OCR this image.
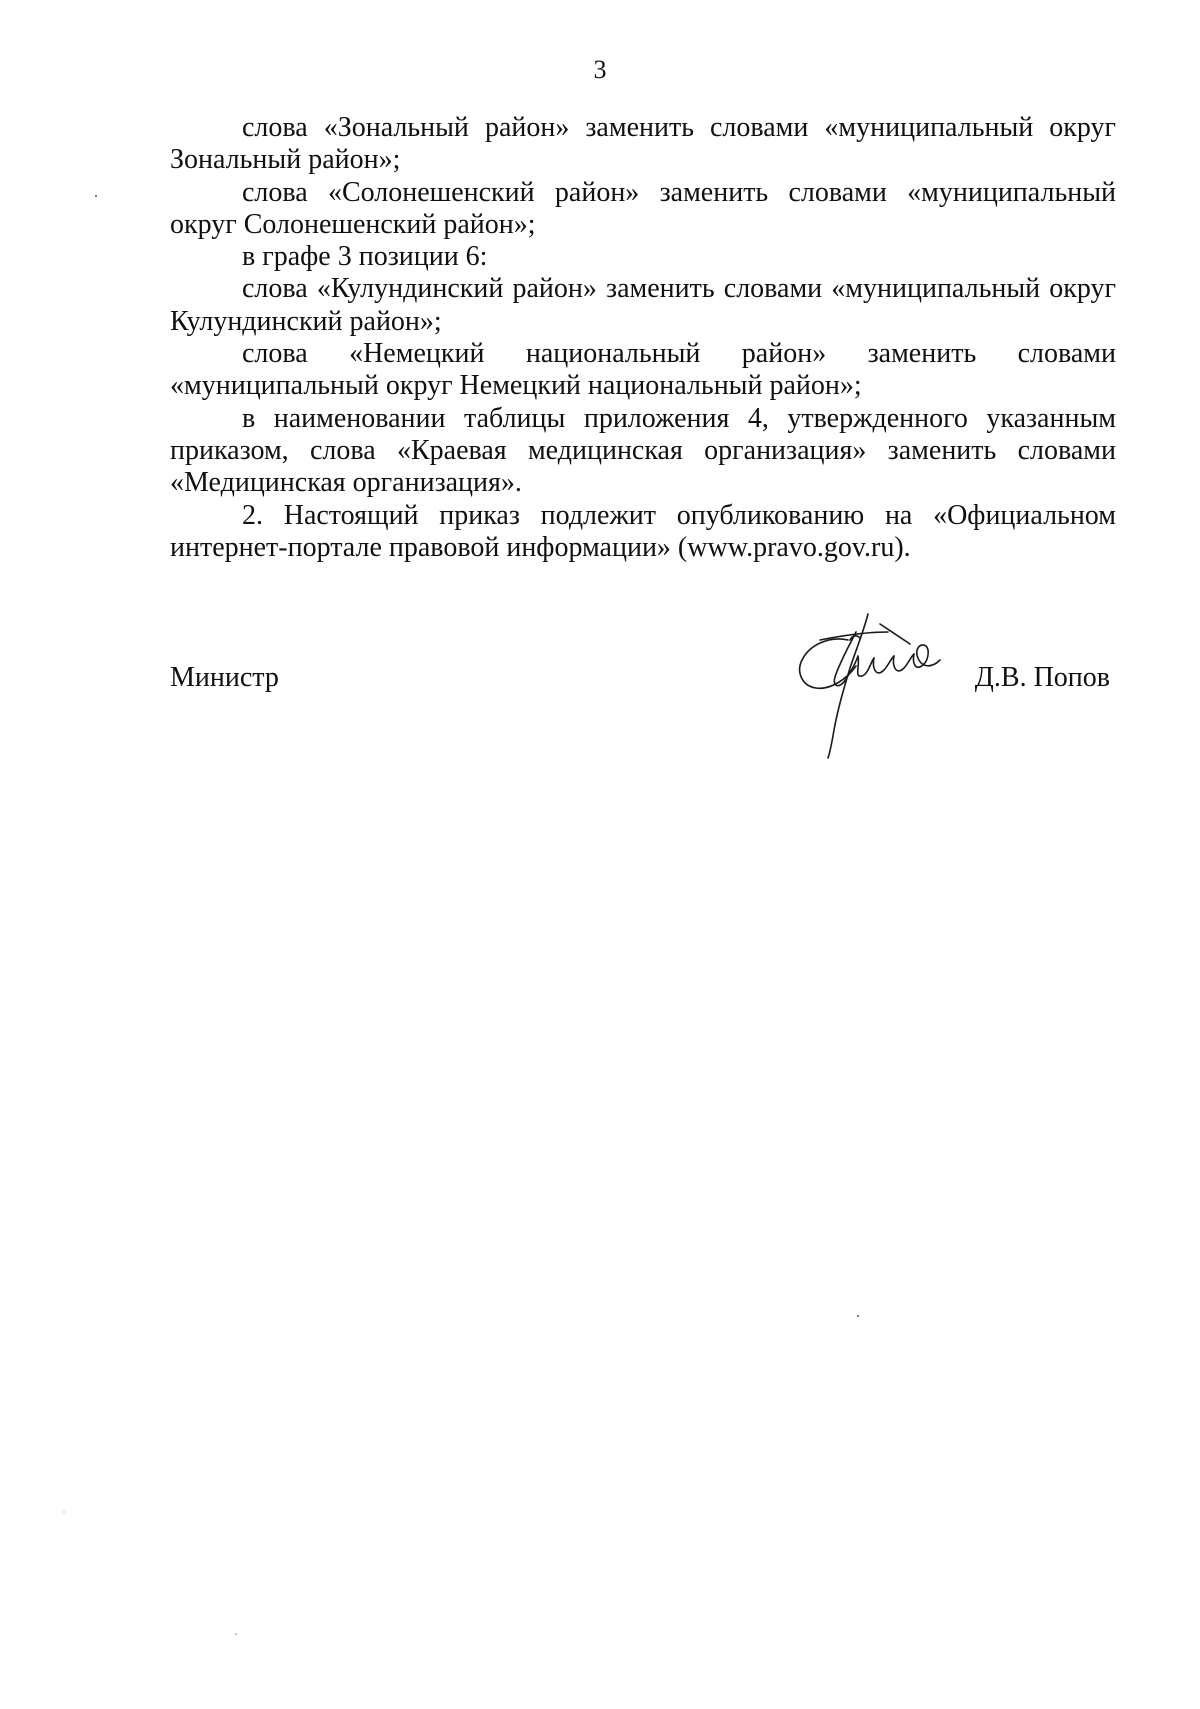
3

слова «Зональный район» заменить словами «муниципальный округ Зональный район»;

слова «Солонешенский район» заменить словами «муниципальный округ Солонешенский район»;

в графе 3 позиции 6:

слова «Кулундинский район» заменить словами «муниципальный округ Кулундинский район»;

слова «Немецкий национальный район» заменить словами «муниципальный округ Немецкий национальный район»;

в наименовании таблицы приложения 4, утвержденного указанным приказом, слова «Краевая медицинская организация» заменить словами «Медицинская организация».

2. Настоящий приказ подлежит опубликованию на «Официальном интернет-портале правовой информации» (www.pravo.gov.ru).

Министр	Д.В. Попов
